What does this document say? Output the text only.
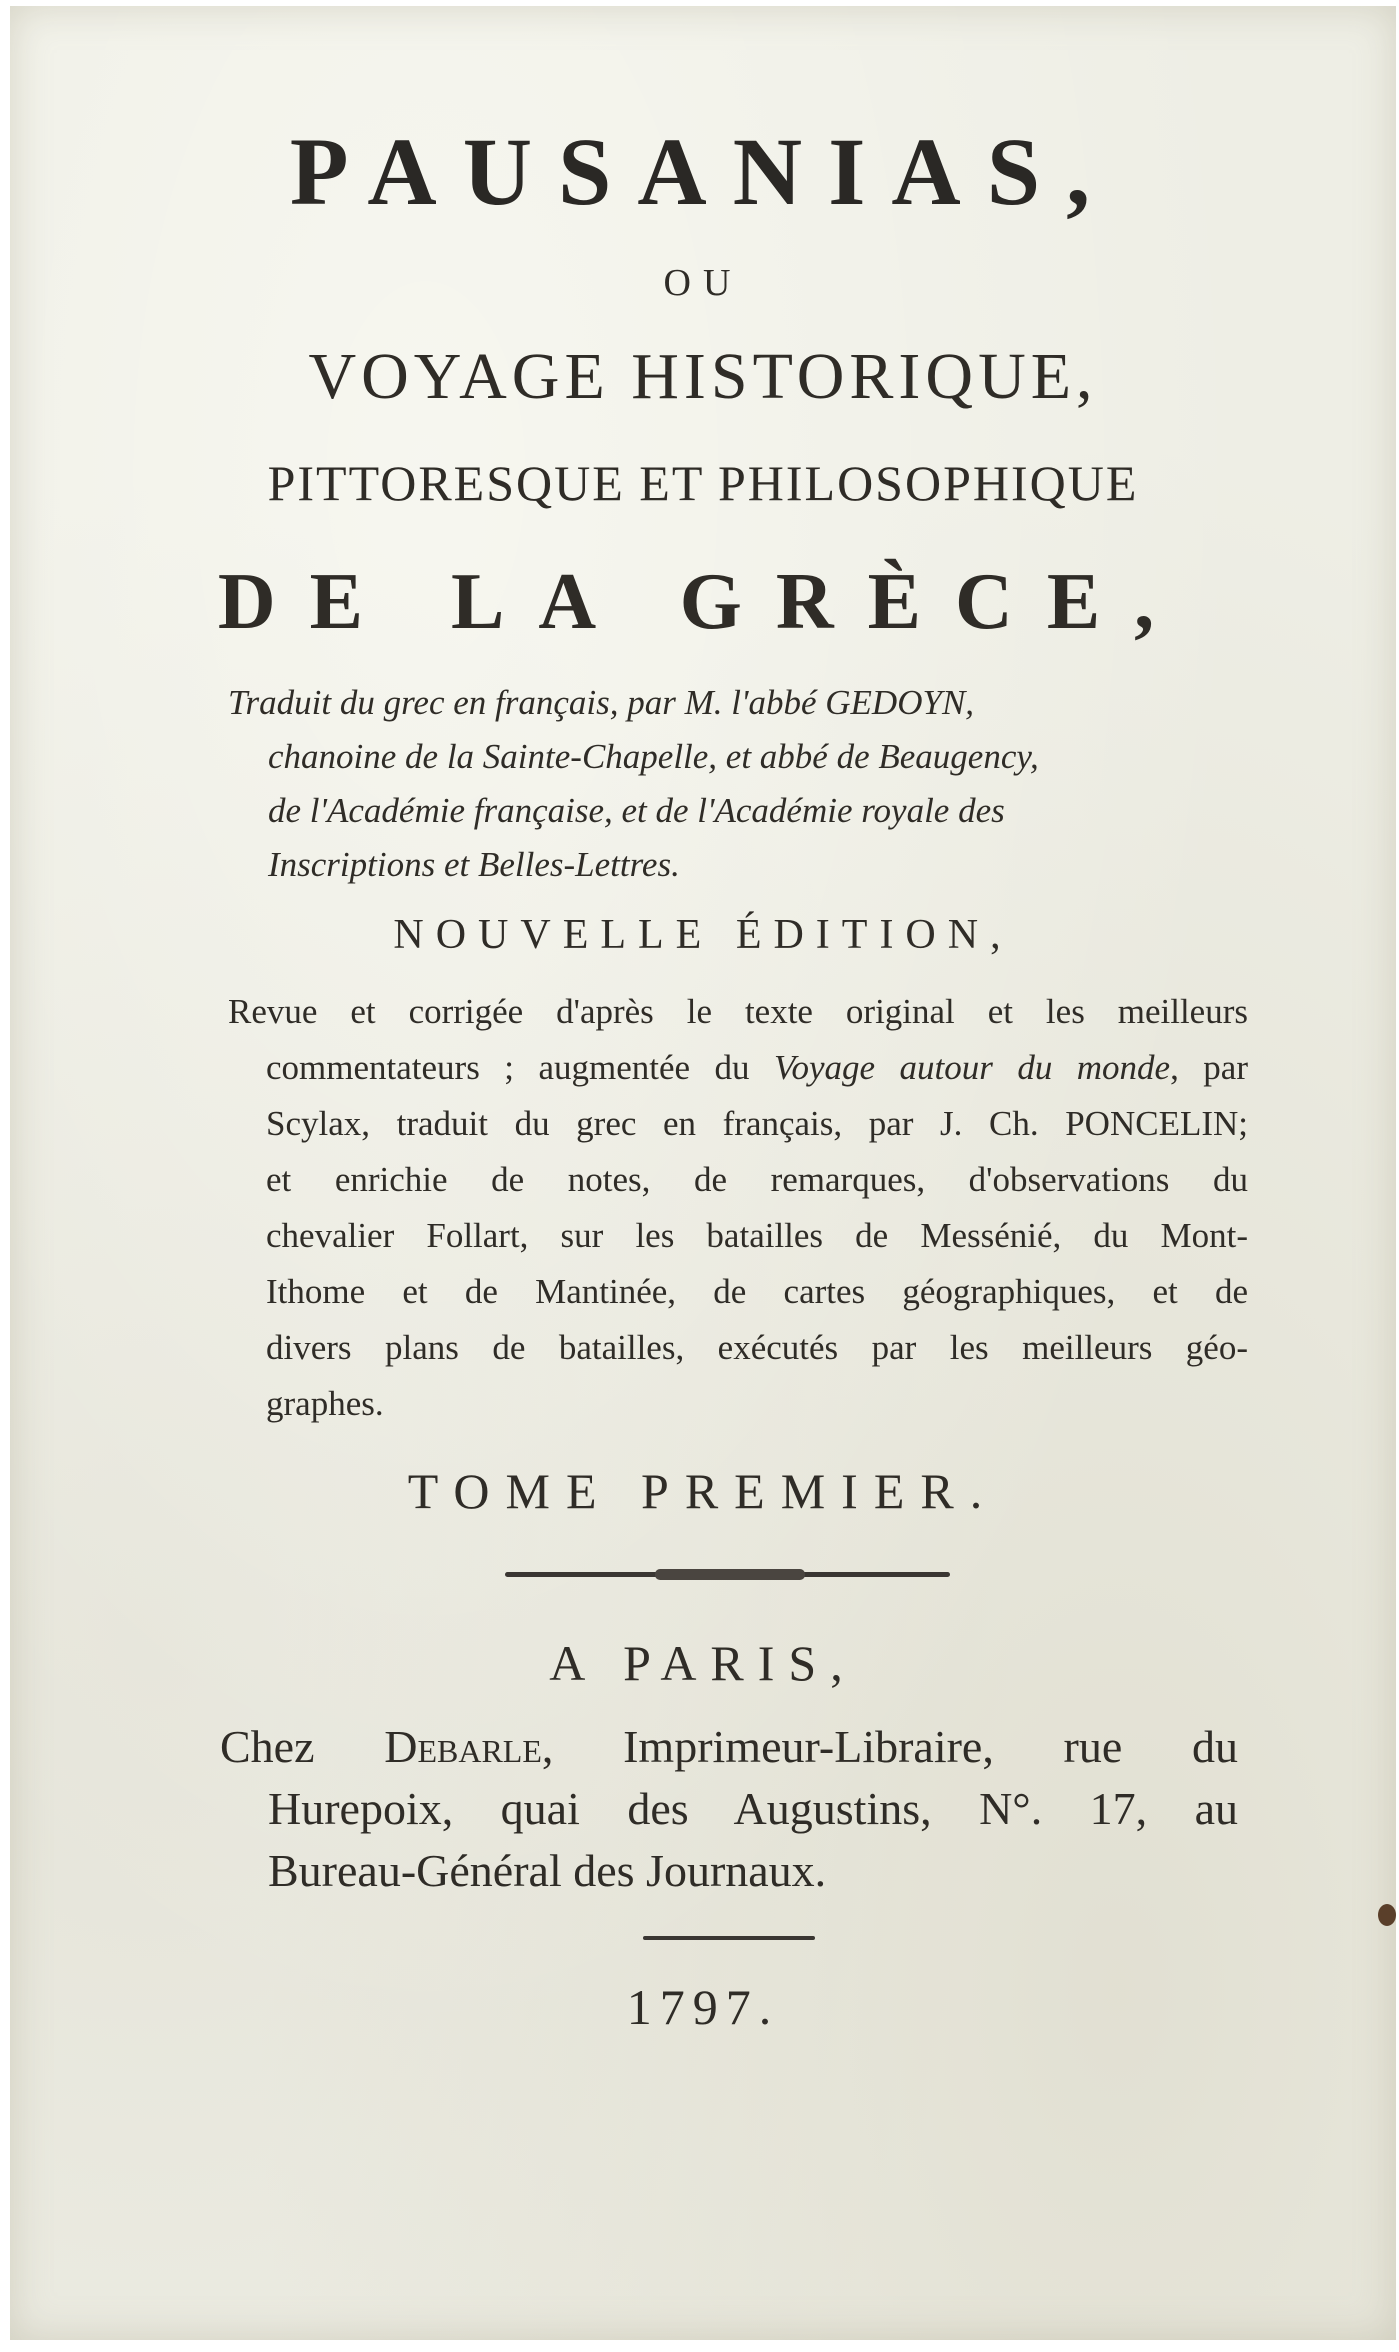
PAUSANIAS,

OU

VOYAGE HISTORIQUE,

PITTORESQUE ET PHILOSOPHIQUE

DE LA GRÈCE,

Traduit du grec en français, par M. l'abbé GEDOYN,

chanoine de la Sainte-Chapelle, et abbé de Beaugency,

de l'Académie française, et de l'Académie royale des

Inscriptions et Belles-Lettres.

NOUVELLE ÉDITION,

Revue et corrigée d'après le texte original et les meilleurs

commentateurs ; augmentée du Voyage autour du monde, par

Scylax, traduit du grec en français, par J. Ch. PONCELIN;

et enrichie de notes, de remarques, d'observations du

chevalier Follart, sur les batailles de Messénié, du Mont-

Ithome et de Mantinée, de cartes géographiques, et de

divers plans de batailles, exécutés par les meilleurs géo-

graphes.

TOME PREMIER.

A PARIS,

Chez Debarle, Imprimeur-Libraire, rue du

Hurepoix, quai des Augustins, N°. 17, au

Bureau-Général des Journaux.

1797.
